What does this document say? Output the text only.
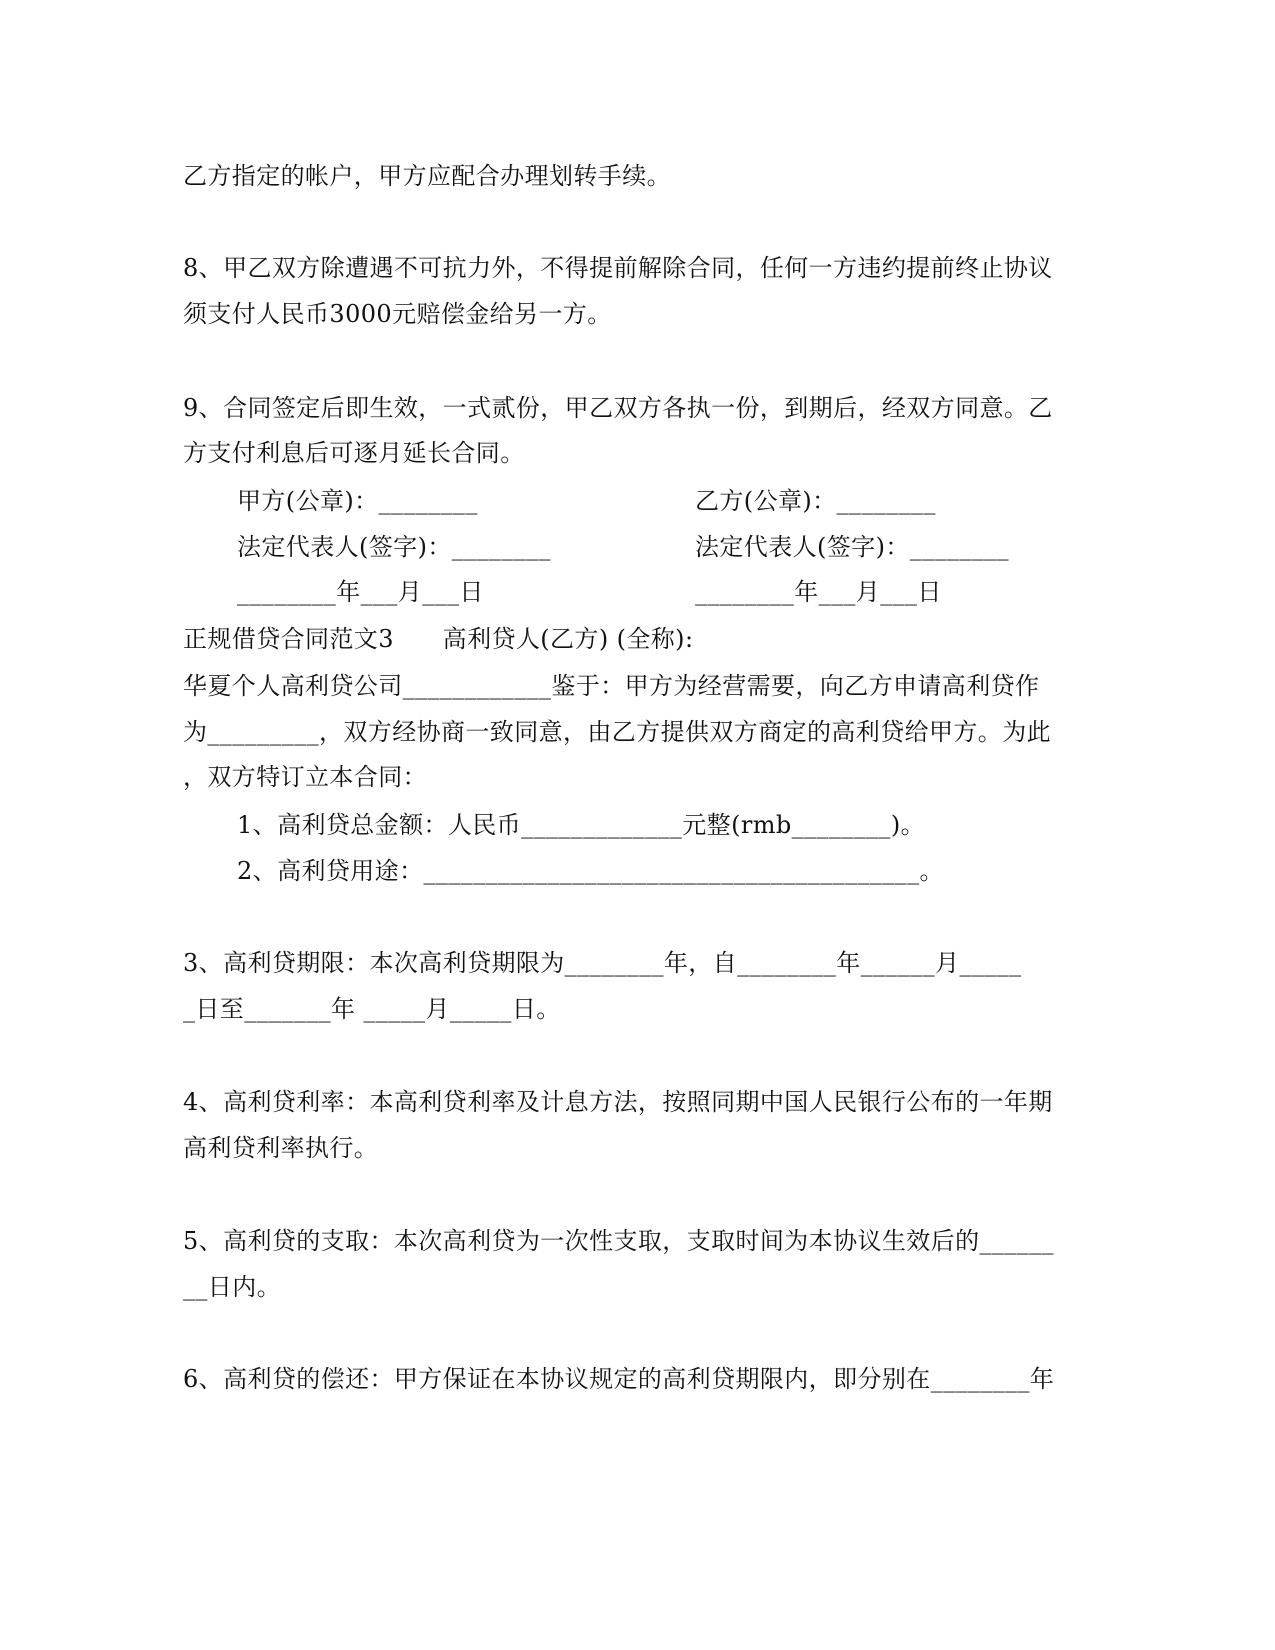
乙方指定的帐户，甲方应配合办理划转手续。
8、甲乙双方除遭遇不可抗力外，不得提前解除合同，任何一方违约提前终止协议
须支付人民币3000元赔偿金给另一方。
9、合同签定后即生效，一式贰份，甲乙双方各执一份，到期后，经双方同意。乙
方支付利息后可逐月延长合同。
甲方(公章)：________	乙方(公章)：________
法定代表人(签字)：________	法定代表人(签字)：________
________年___月___日	________年___月___日
正规借贷合同范文3　　高利贷人(乙方) (全称):
华夏个人高利贷公司____________鉴于：甲方为经营需要，向乙方申请高利贷作
为_________，双方经协商一致同意，由乙方提供双方商定的高利贷给甲方。为此
，双方特订立本合同：
1、高利贷总金额：人民币_____________元整(rmb________)。
2、高利贷用途：________________________________________。
3、高利贷期限：本次高利贷期限为________年，自________年______月_____
_日至_______年 _____月_____日。
4、高利贷利率：本高利贷利率及计息方法，按照同期中国人民银行公布的一年期
高利贷利率执行。
5、高利贷的支取：本次高利贷为一次性支取，支取时间为本协议生效后的______
__日内。
6、高利贷的偿还：甲方保证在本协议规定的高利贷期限内，即分别在________年
